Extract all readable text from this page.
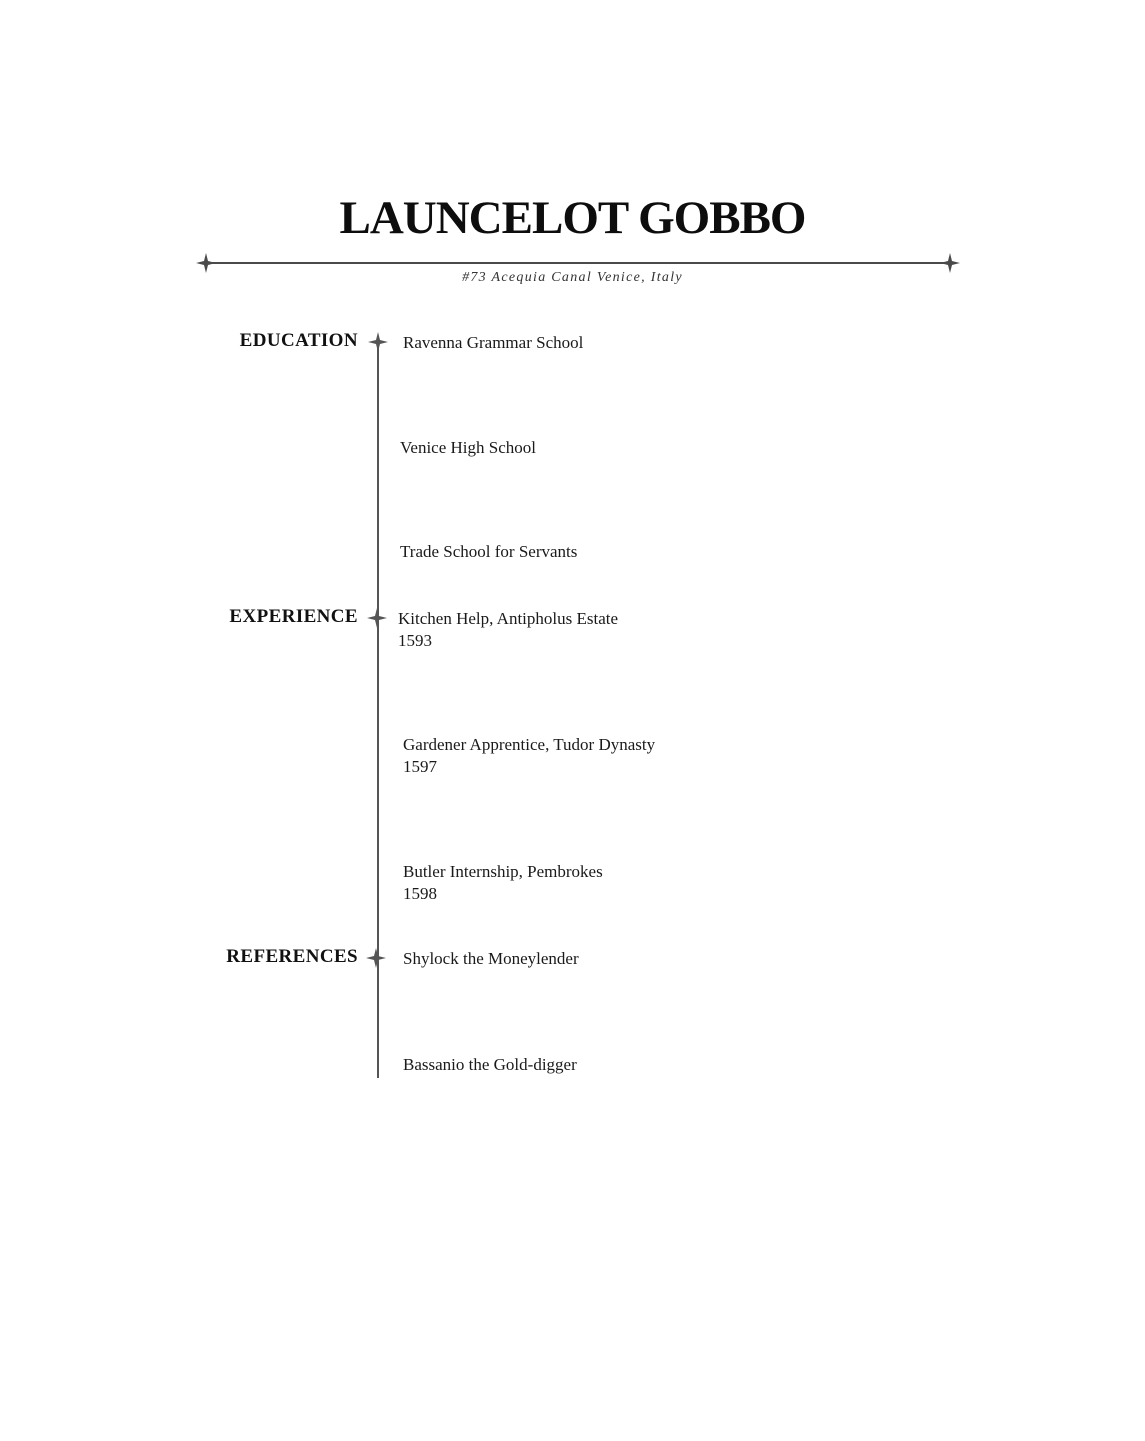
LAUNCELOT GOBBO
#73 Acequia Canal Venice, Italy
EDUCATION	Ravenna Grammar School
Venice High School
Trade School for Servants
EXPERIENCE Kitchen Help, Antipholus Estate
1593
Gardener Apprentice, Tudor Dynasty
1597
Butler Internship, Pembrokes
1598
REFERENCES	Shylock the Moneylender
Bassanio the Gold-digger
